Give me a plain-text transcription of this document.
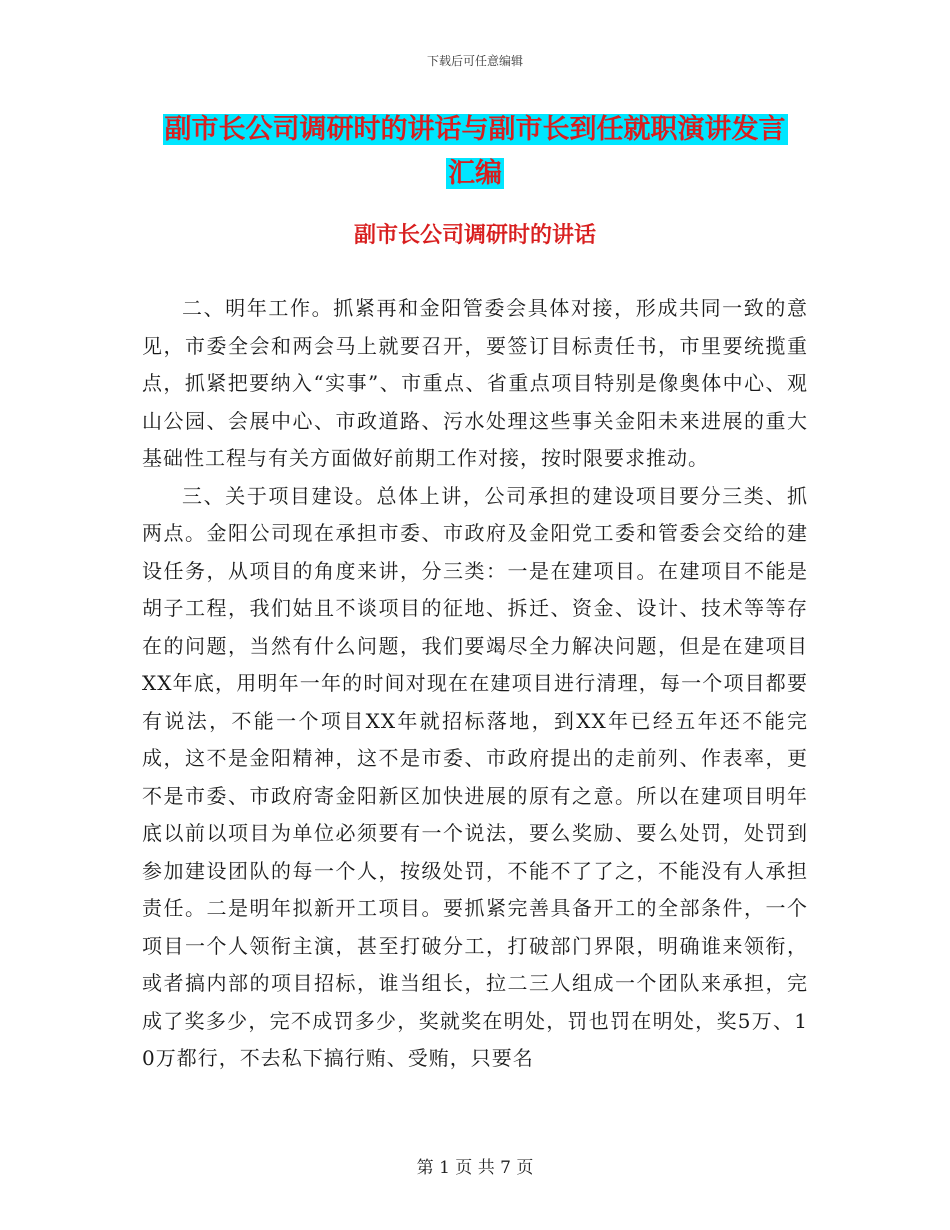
下载后可任意编辑
副市长公司调研时的讲话与副市长到任就职演讲发言
汇编
副市长公司调研时的讲话

二、明年工作。抓紧再和金阳管委会具体对接，形成共同一致的意见，市委全会和两会马上就要召开，要签订目标责任书，市里要统揽重点，抓紧把要纳入“实事”、市重点、省重点项目特别是像奥体中心、观山公园、会展中心、市政道路、污水处理这些事关金阳未来进展的重大基础性工程与有关方面做好前期工作对接，按时限要求推动。

三、关于项目建设。总体上讲，公司承担的建设项目要分三类、抓两点。金阳公司现在承担市委、市政府及金阳党工委和管委会交给的建设任务，从项目的角度来讲，分三类：一是在建项目。在建项目不能是胡子工程，我们姑且不谈项目的征地、拆迁、资金、设计、技术等等存在的问题，当然有什么问题，我们要竭尽全力解决问题，但是在建项目XX年底，用明年一年的时间对现在在建项目进行清理，每一个项目都要有说法，不能一个项目XX年就招标落地，到XX年已经五年还不能完成，这不是金阳精神，这不是市委、市政府提出的走前列、作表率，更不是市委、市政府寄金阳新区加快进展的原有之意。所以在建项目明年底以前以项目为单位必须要有一个说法，要么奖励、要么处罚，处罚到参加建设团队的每一个人，按级处罚，不能不了了之，不能没有人承担责任。二是明年拟新开工项目。要抓紧完善具备开工的全部条件，一个项目一个人领衔主演，甚至打破分工，打破部门界限，明确谁来领衔，或者搞内部的项目招标，谁当组长，拉二三人组成一个团队来承担，完成了奖多少，完不成罚多少，奖就奖在明处，罚也罚在明处，奖5万、10万都行，不去私下搞行贿、受贿，只要名

第 1 页 共 7 页
